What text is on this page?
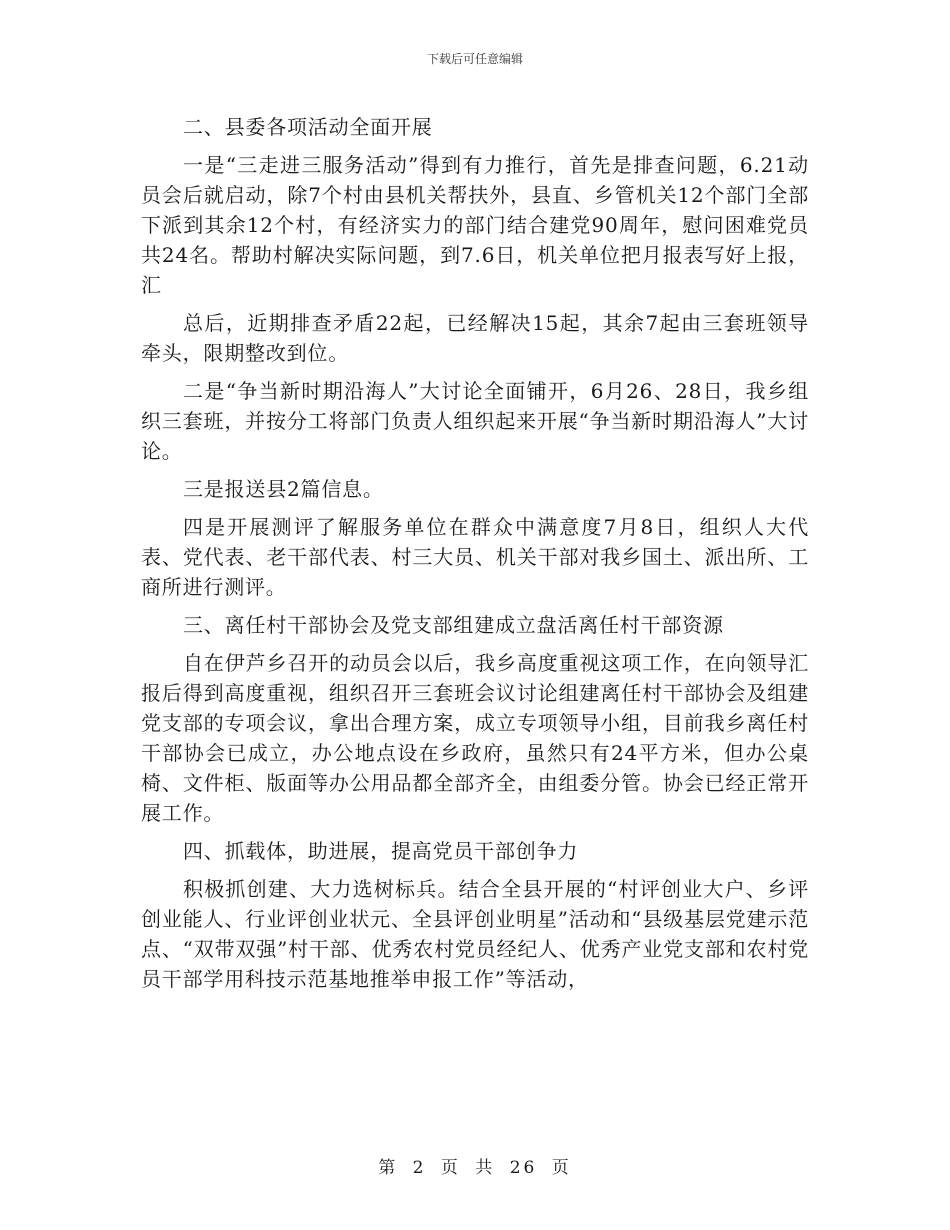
下载后可任意编辑

二、县委各项活动全面开展

一是“三走进三服务活动”得到有力推行，首先是排查问题，6.21动员会后就启动，除7个村由县机关帮扶外，县直、乡管机关12个部门全部下派到其余12个村，有经济实力的部门结合建党90周年，慰问困难党员共24名。帮助村解决实际问题，到7.6日，机关单位把月报表写好上报，汇

总后，近期排查矛盾22起，已经解决15起，其余7起由三套班领导牵头，限期整改到位。

二是“争当新时期沿海人”大讨论全面铺开，6月26、28日，我乡组织三套班，并按分工将部门负责人组织起来开展“争当新时期沿海人”大讨论。

三是报送县2篇信息。

四是开展测评了解服务单位在群众中满意度7月8日，组织人大代表、党代表、老干部代表、村三大员、机关干部对我乡国土、派出所、工商所进行测评。

三、离任村干部协会及党支部组建成立盘活离任村干部资源

自在伊芦乡召开的动员会以后，我乡高度重视这项工作，在向领导汇报后得到高度重视，组织召开三套班会议讨论组建离任村干部协会及组建党支部的专项会议，拿出合理方案，成立专项领导小组，目前我乡离任村干部协会已成立，办公地点设在乡政府，虽然只有24平方米，但办公桌椅、文件柜、版面等办公用品都全部齐全，由组委分管。协会已经正常开展工作。

四、抓载体，助进展，提高党员干部创争力

积极抓创建、大力选树标兵。结合全县开展的“村评创业大户、乡评创业能人、行业评创业状元、全县评创业明星”活动和“县级基层党建示范点、“双带双强”村干部、优秀农村党员经纪人、优秀产业党支部和农村党员干部学用科技示范基地推举申报工作”等活动，

第 2 页 共 26 页
